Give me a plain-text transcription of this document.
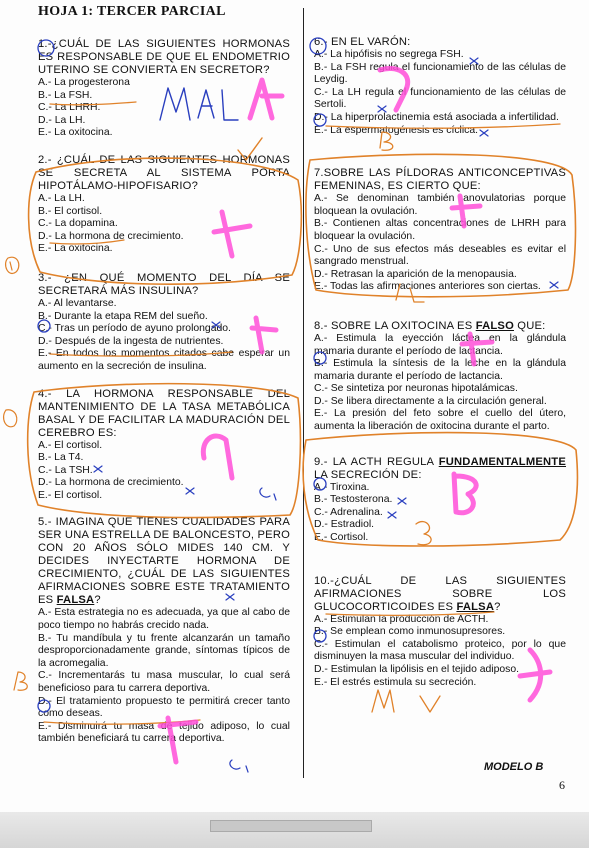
HOJA 1: TERCER PARCIAL
1.-¿CUÁL DE LAS SIGUIENTES HORMONAS ES RESPONSABLE DE QUE EL ENDOMETRIO UTERINO SE CONVIERTA EN SECRETOR?
A.- La progesterona
B.- La FSH.
C.- La LHRH.
D.- La LH.
E.- La oxitocina.
2.- ¿CUÁL DE LAS SIGUIENTES HORMONAS SE SECRETA AL SISTEMA PORTA HIPOTÁLAMO-HIPOFISARIO?
A.- La LH.
B.- El cortisol.
C.- La dopamina.
D.- La hormona de crecimiento.
E.- La oxitocina.
3.- ¿EN QUÉ MOMENTO DEL DÍA SE SECRETARÁ MÁS INSULINA?
A.- Al levantarse.
B.- Durante la etapa REM del sueño.
C.- Tras un período de ayuno prolongado.
D.- Después de la ingesta de nutrientes.
E.- En todos los momentos citados cabe esperar un aumento en la secreción de insulina.
4.- LA HORMONA RESPONSABLE DEL MANTENIMIENTO DE LA TASA METABÓLICA BASAL Y DE FACILITAR LA MADURACIÓN DEL CEREBRO ES:
A.- El cortisol.
B.- La T4.
C.- La TSH.
D.- La hormona de crecimiento.
E.- El cortisol.
5.- IMAGINA QUE TIENES CUALIDADES PARA SER UNA ESTRELLA DE BALONCESTO, PERO CON 20 AÑOS SÓLO MIDES 140 CM. Y DECIDES INYECTARTE HORMONA DE CRECIMIENTO, ¿CUÁL DE LAS SIGUIENTES AFIRMACIONES SOBRE ESTE TRATAMIENTO ES FALSA?
A.- Esta estrategia no es adecuada, ya que al cabo de poco tiempo no habrás crecido nada.
B.- Tu mandíbula y tu frente alcanzarán un tamaño desproporcionadamente grande, síntomas típicos de la acromegalia.
C.- Incrementarás tu masa muscular, lo cual será beneficioso para tu carrera deportiva.
D.- El tratamiento propuesto te permitirá crecer tanto como deseas.
E.- Disminuirá tu masa de tejido adiposo, lo cual también beneficiará tu carrera deportiva.
6.- EN EL VARÓN:
A.- La hipófisis no segrega FSH.
B.- La FSH regula el funcionamiento de las células de Leydig.
C.- La LH regula el funcionamiento de las células de Sertoli.
D.- La hiperprolactinemia está asociada a infertilidad.
E.- La espermatogénesis es cíclica.
7.SOBRE LAS PÍLDORAS ANTICONCEPTIVAS FEMENINAS, ES CIERTO QUE:
A.- Se denominan también anovulatorias porque bloquean la ovulación.
B.- Contienen altas concentraciones de LHRH para bloquear la ovulación.
C.- Uno de sus efectos más deseables es evitar el sangrado menstrual.
D.- Retrasan la aparición de la menopausia.
E.- Todas las afirmaciones anteriores son ciertas.
8.- SOBRE LA OXITOCINA ES FALSO QUE:
A.- Estimula la eyección láctea en la glándula mamaria durante el período de lactancia.
B.- Estimula la síntesis de la leche en la glándula mamaria durante el período de lactancia.
C.- Se sintetiza por neuronas hipotalámicas.
D.- Se libera directamente a la circulación general.
E.- La presión del feto sobre el cuello del útero, aumenta la liberación de oxitocina durante el parto.
9.- LA ACTH REGULA FUNDAMENTALMENTE LA SECRECIÓN DE:
A.- Tiroxina.
B.- Testosterona.
C.- Adrenalina.
D.- Estradiol.
E.- Cortisol.
10.-¿CUÁL DE LAS SIGUIENTES AFIRMACIONES SOBRE LOS GLUCOCORTICOIDES ES FALSA?
A.- Estimulan la producción de ACTH.
B.- Se emplean como inmunosupresores.
C.- Estimulan el catabolismo proteico, por lo que disminuyen la masa muscular del individuo.
D.- Estimulan la lipólisis en el tejido adiposo.
E.- El estrés estimula su secreción.
MODELO B
6
